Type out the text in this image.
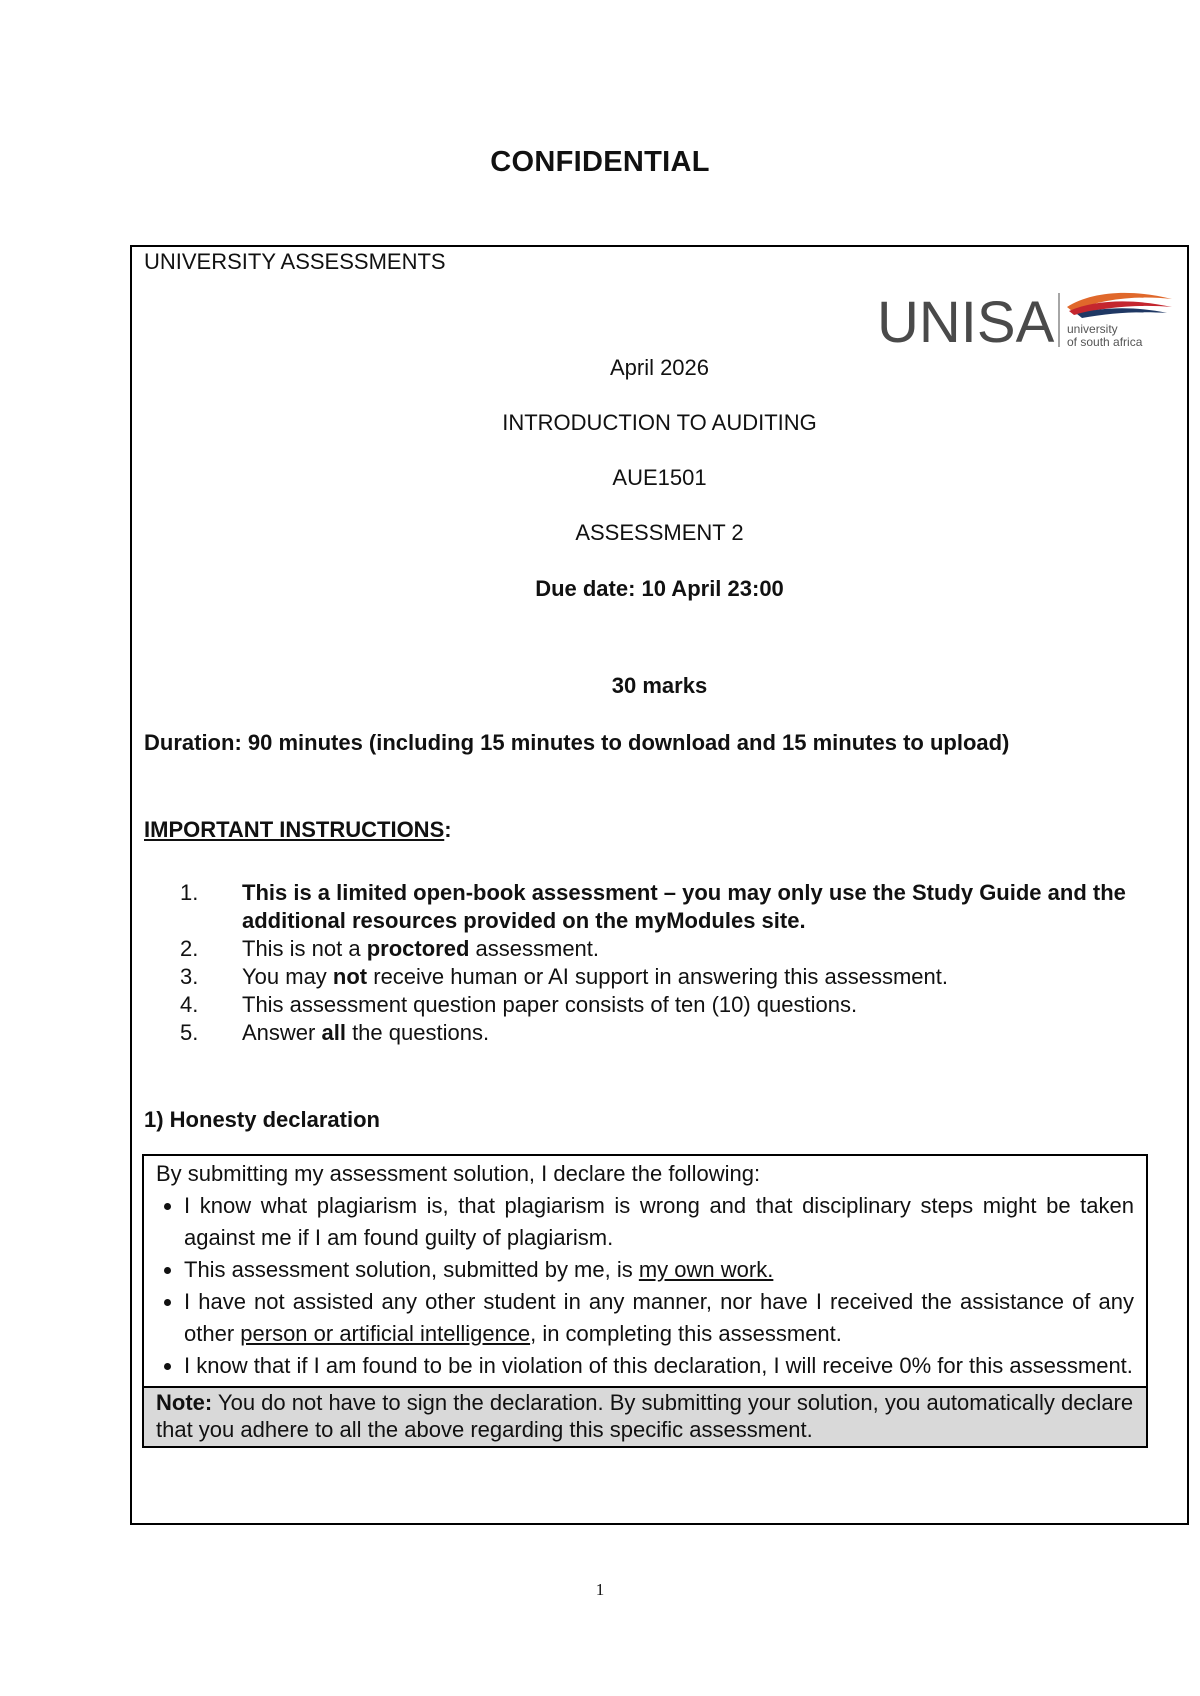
CONFIDENTIAL
UNIVERSITY ASSESSMENTS
UNISA university
of south africa
April 2026
INTRODUCTION TO AUDITING
AUE1501
ASSESSMENT 2
Due date: 10 April 23:00
30 marks
Duration: 90 minutes (including 15 minutes to download and 15 minutes to upload)
IMPORTANT INSTRUCTIONS:
1.	This is a limited open-book assessment – you may only use the Study Guide and the additional resources provided on the myModules site.
2.	This is not a proctored assessment.
3.	You may not receive human or AI support in answering this assessment.
4.	This assessment question paper consists of ten (10) questions.
5.	Answer all the questions.
1) Honesty declaration
By submitting my assessment solution, I declare the following:
• I know what plagiarism is, that plagiarism is wrong and that disciplinary steps might be taken against me if I am found guilty of plagiarism.
• This assessment solution, submitted by me, is my own work.
• I have not assisted any other student in any manner, nor have I received the assistance of any other person or artificial intelligence, in completing this assessment.
• I know that if I am found to be in violation of this declaration, I will receive 0% for this assessment.
Note: You do not have to sign the declaration. By submitting your solution, you automatically declare that you adhere to all the above regarding this specific assessment.
1
